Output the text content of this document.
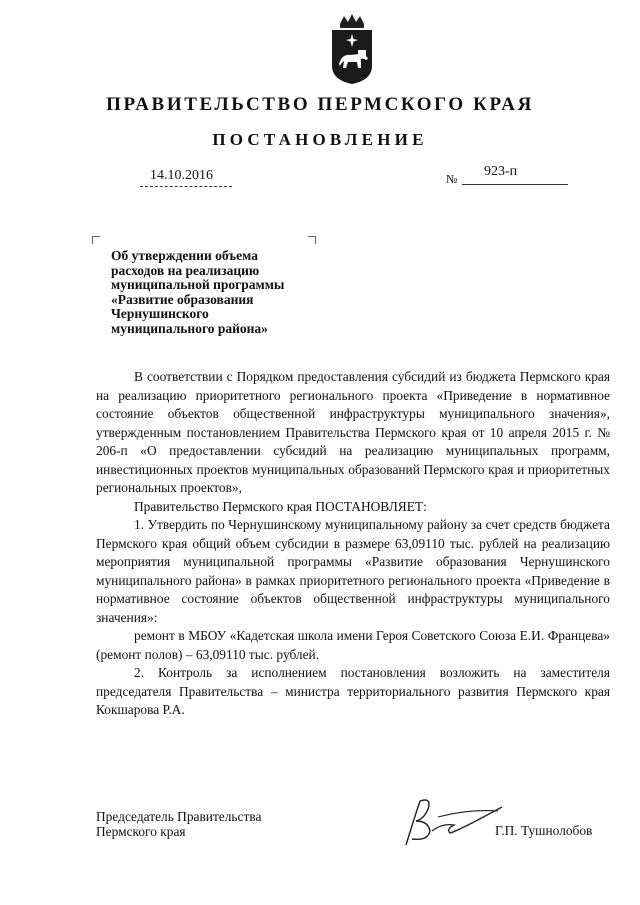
ПРАВИТЕЛЬСТВО ПЕРМСКОГО КРАЯ
ПОСТАНОВЛЕНИЕ
14.10.2016	№ 923-п
Об утверждении объема
расходов на реализацию
муниципальной программы
«Развитие образования
Чернушинского
муниципального района»

В соответствии с Порядком предоставления субсидий из бюджета Пермского края на реализацию приоритетного регионального проекта «Приведение в нормативное состояние объектов общественной инфраструктуры муниципального значения», утвержденным постановлением Правительства Пермского края от 10 апреля 2015 г. № 206-п «О предоставлении субсидий на реализацию муниципальных программ, инвестиционных проектов муниципальных образований Пермского края и приоритетных региональных проектов»,

Правительство Пермского края ПОСТАНОВЛЯЕТ:

1. Утвердить по Чернушинскому муниципальному району за счет средств бюджета Пермского края общий объем субсидии в размере 63,09110 тыс. рублей на реализацию мероприятия муниципальной программы «Развитие образования Чернушинского муниципального района» в рамках приоритетного регионального проекта «Приведение в нормативное состояние объектов общественной инфраструктуры муниципального значения»:

ремонт в МБОУ «Кадетская школа имени Героя Советского Союза Е.И. Францева» (ремонт полов) – 63,09110 тыс. рублей.

2. Контроль за исполнением постановления возложить на заместителя председателя Правительства – министра территориального развития Пермского края Кокшарова Р.А.

Председатель Правительства
Пермского края	Г.П. Тушнолобов
